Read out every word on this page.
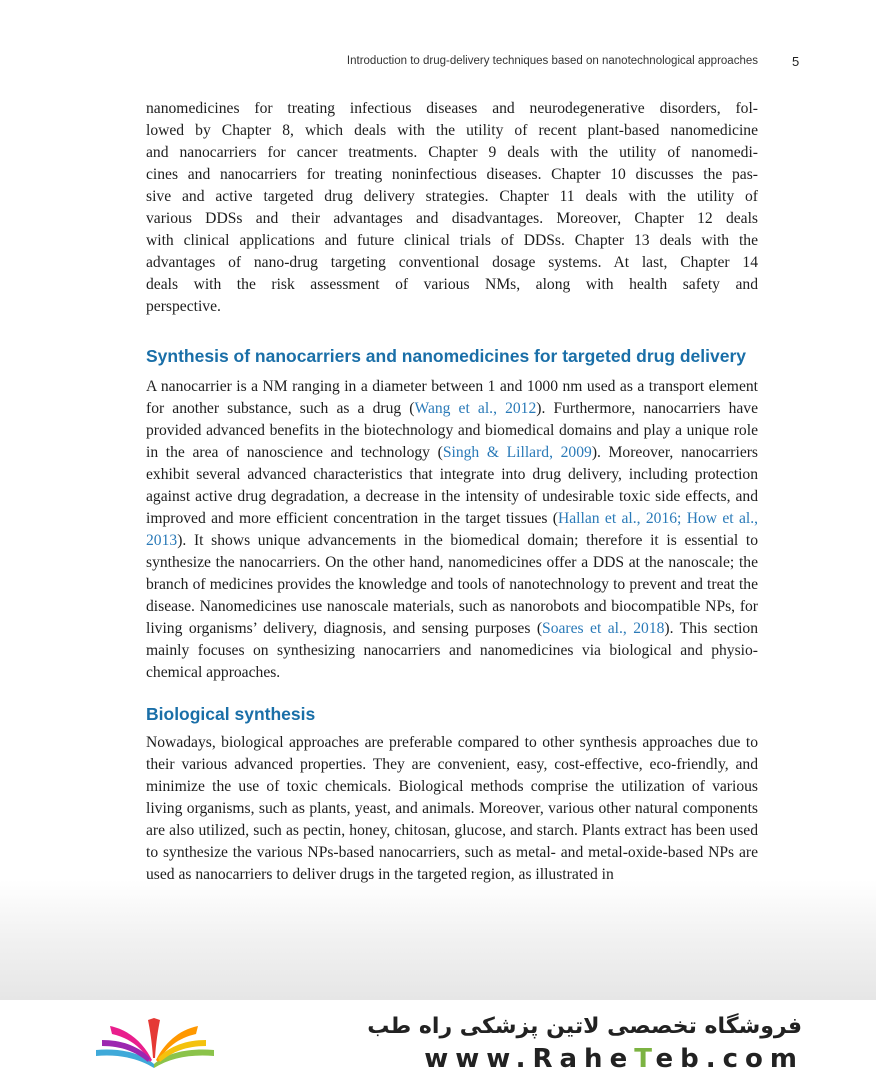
Introduction to drug-delivery techniques based on nanotechnological approaches	5

nanomedicines for treating infectious diseases and neurodegenerative disorders, fol-
lowed by Chapter 8, which deals with the utility of recent plant-based nanomedicine
and nanocarriers for cancer treatments. Chapter 9 deals with the utility of nanomedi-
cines and nanocarriers for treating noninfectious diseases. Chapter 10 discusses the pas-
sive and active targeted drug delivery strategies. Chapter 11 deals with the utility of
various DDSs and their advantages and disadvantages. Moreover, Chapter 12 deals
with clinical applications and future clinical trials of DDSs. Chapter 13 deals with the
advantages of nano-drug targeting conventional dosage systems. At last, Chapter 14
deals with the risk assessment of various NMs, along with health safety and
perspective.

Synthesis of nanocarriers and nanomedicines for targeted drug delivery

A nanocarrier is a NM ranging in a diameter between 1 and 1000 nm used as a transport element for another substance, such as a drug (Wang et al., 2012). Furthermore, nanocarriers have provided advanced benefits in the biotechnology and biomedical domains and play a unique role in the area of nanoscience and technology (Singh & Lillard, 2009). Moreover, nanocarriers exhibit several advanced characteristics that integrate into drug delivery, including protection against active drug degradation, a decrease in the intensity of undesirable toxic side effects, and improved and more efficient concentration in the target tissues (Hallan et al., 2016; How et al., 2013). It shows unique advancements in the biomedical domain; therefore it is essential to synthesize the nanocarriers. On the other hand, nanomedicines offer a DDS at the nanoscale; the branch of medicines provides the knowledge and tools of nanotechnology to prevent and treat the disease. Nanomedicines use nanoscale materials, such as nanorobots and biocompatible NPs, for living organisms’ delivery, diagnosis, and sensing purposes (Soares et al., 2018). This section mainly focuses on synthesizing nanocarriers and nanomedicines via biological and physiochemical approaches.

Biological synthesis

Nowadays, biological approaches are preferable compared to other synthesis approaches due to their various advanced properties. They are convenient, easy, cost-effective, eco-friendly, and minimize the use of toxic chemicals. Biological methods comprise the utilization of various living organisms, such as plants, yeast, and animals. Moreover, various other natural components are also utilized, such as pectin, honey, chitosan, glucose, and starch. Plants extract has been used to synthesize the various NPs-based nanocarriers, such as metal- and metal-oxide-based NPs are used as nanocarriers to deliver drugs in the targeted region, as illustrated in

فروشگاه تخصصی لاتین پزشکی راه طب
www.RaheTeb.com
